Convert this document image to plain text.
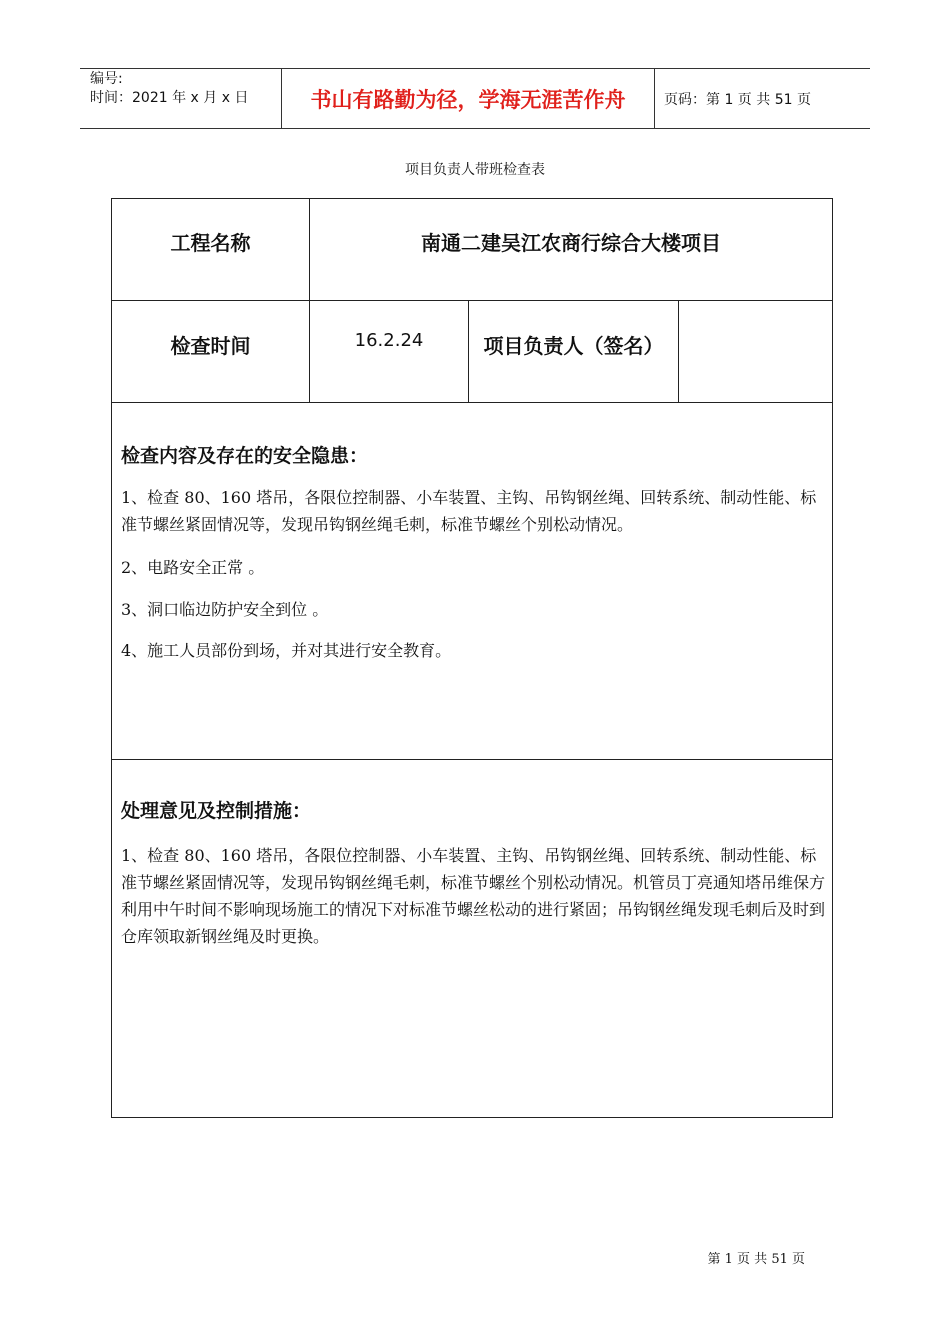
编号:
时间：2021 年 x 月 x 日	书山有路勤为径，学海无涯苦作舟	页码：第 1 页 共 51 页
项目负责人带班检查表
工程名称	南通二建吴江农商行综合大楼项目
检查时间	16.2.24	项目负责人（签名）
检查内容及存在的安全隐患：

1、检查 80、160 塔吊，各限位控制器、小车装置、主钩、吊钩钢丝绳、回转系统、制动性能、标准节螺丝紧固情况等，发现吊钩钢丝绳毛刺，标准节螺丝个别松动情况。

2、电路安全正常 。

3、洞口临边防护安全到位 。

4、施工人员部份到场，并对其进行安全教育。

处理意见及控制措施：

1、检查 80、160 塔吊，各限位控制器、小车装置、主钩、吊钩钢丝绳、回转系统、制动性能、标准节螺丝紧固情况等，发现吊钩钢丝绳毛刺，标准节螺丝个别松动情况。机管员丁亮通知塔吊维保方利用中午时间不影响现场施工的情况下对标准节螺丝松动的进行紧固；吊钩钢丝绳发现毛刺后及时到仓库领取新钢丝绳及时更换。

第 1 页 共 51 页
